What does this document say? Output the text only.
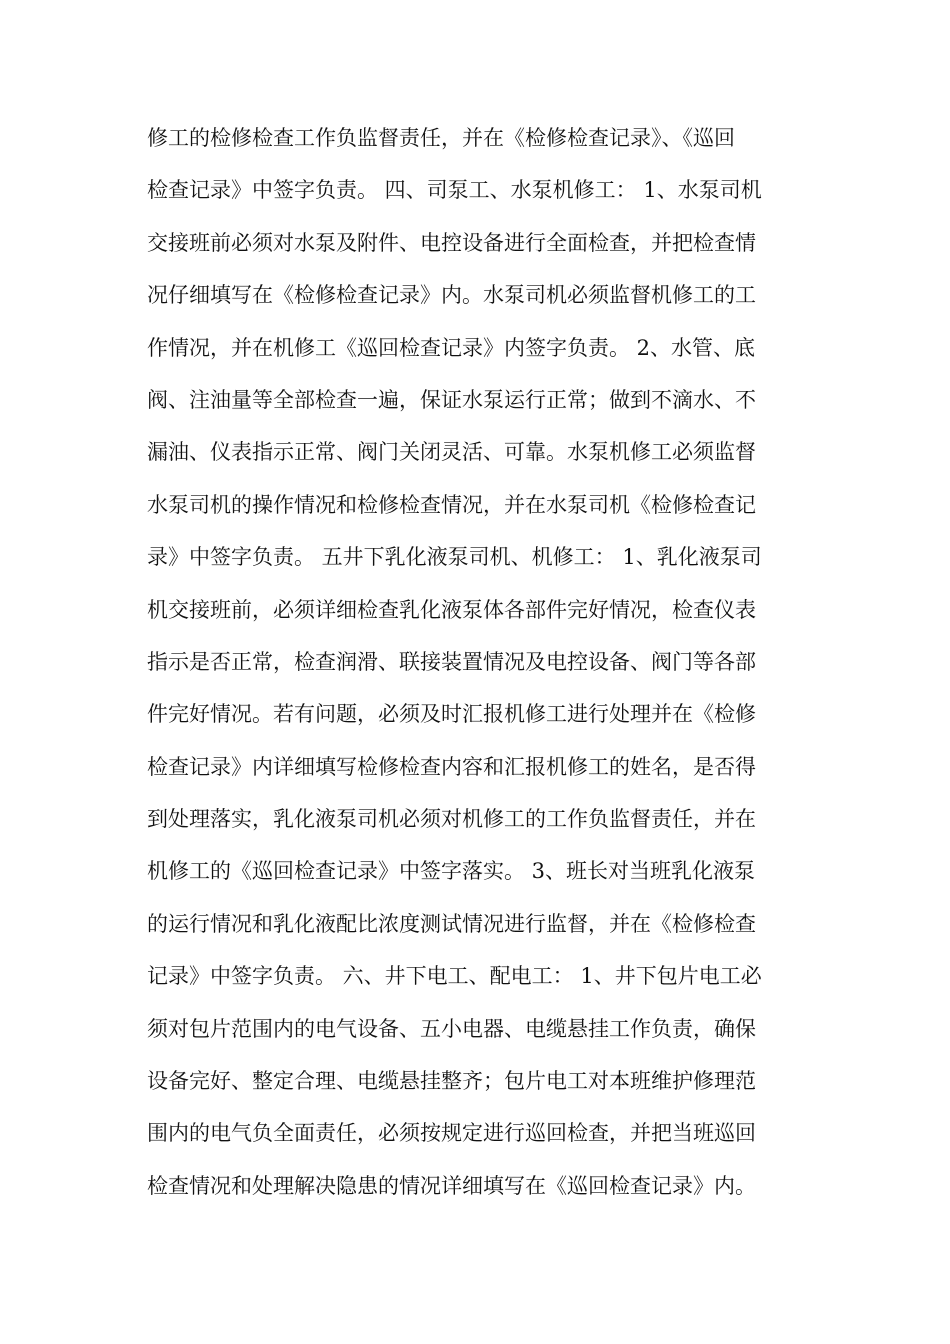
修工的检修检查工作负监督责任，并在《检修检查记录》、《巡回
检查记录》中签字负责。 四、司泵工、水泵机修工： 1、水泵司机
交接班前必须对水泵及附件、电控设备进行全面检查，并把检查情
况仔细填写在《检修检查记录》内。水泵司机必须监督机修工的工
作情况，并在机修工《巡回检查记录》内签字负责。 2、水管、底
阀、注油量等全部检查一遍，保证水泵运行正常；做到不滴水、不
漏油、仪表指示正常、阀门关闭灵活、可靠。水泵机修工必须监督
水泵司机的操作情况和检修检查情况，并在水泵司机《检修检查记
录》中签字负责。 五井下乳化液泵司机、机修工： 1、乳化液泵司
机交接班前，必须详细检查乳化液泵体各部件完好情况，检查仪表
指示是否正常，检查润滑、联接装置情况及电控设备、阀门等各部
件完好情况。若有问题，必须及时汇报机修工进行处理并在《检修
检查记录》内详细填写检修检查内容和汇报机修工的姓名，是否得
到处理落实，乳化液泵司机必须对机修工的工作负监督责任，并在
机修工的《巡回检查记录》中签字落实。 3、班长对当班乳化液泵
的运行情况和乳化液配比浓度测试情况进行监督，并在《检修检查
记录》中签字负责。 六、井下电工、配电工： 1、井下包片电工必
须对包片范围内的电气设备、五小电器、电缆悬挂工作负责，确保
设备完好、整定合理、电缆悬挂整齐；包片电工对本班维护修理范
围内的电气负全面责任，必须按规定进行巡回检查，并把当班巡回
检查情况和处理解决隐患的情况详细填写在《巡回检查记录》内。
